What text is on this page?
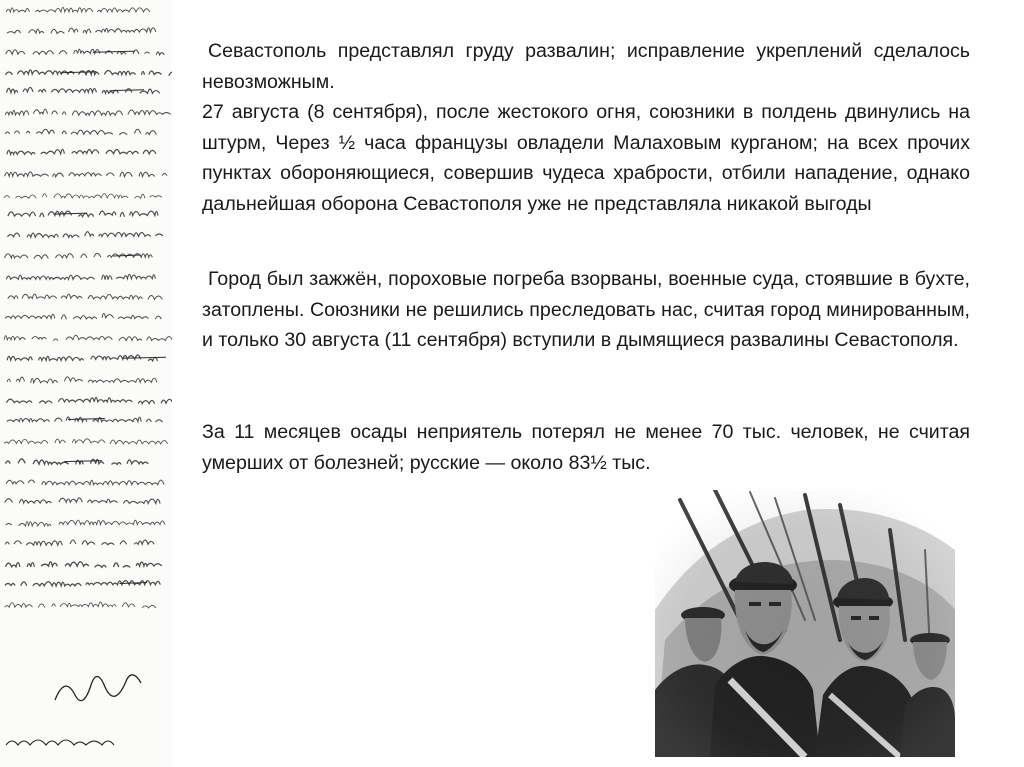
Севастополь представлял груду развалин; исправление укреплений сделалось невозможным.

27 августа (8 сентября), после жестокого огня, союзники в полдень двинулись на штурм, Через ½ часа французы овладели Малаховым курганом; на всех прочих пунктах обороняющиеся, совершив чудеса храбрости, отбили нападение, однако дальнейшая оборона Севастополя уже не представляла никакой выгоды

Город был зажжён, пороховые погреба взорваны, военные суда, стоявшие в бухте, затоплены. Союзники не решились преследовать нас, считая город минированным, и только 30 августа (11 сентября) вступили в дымящиеся развалины Севастополя.

За 11 месяцев осады неприятель потерял не менее 70 тыс. человек, не считая умерших от болезней; русские — около 83½ тыс.
